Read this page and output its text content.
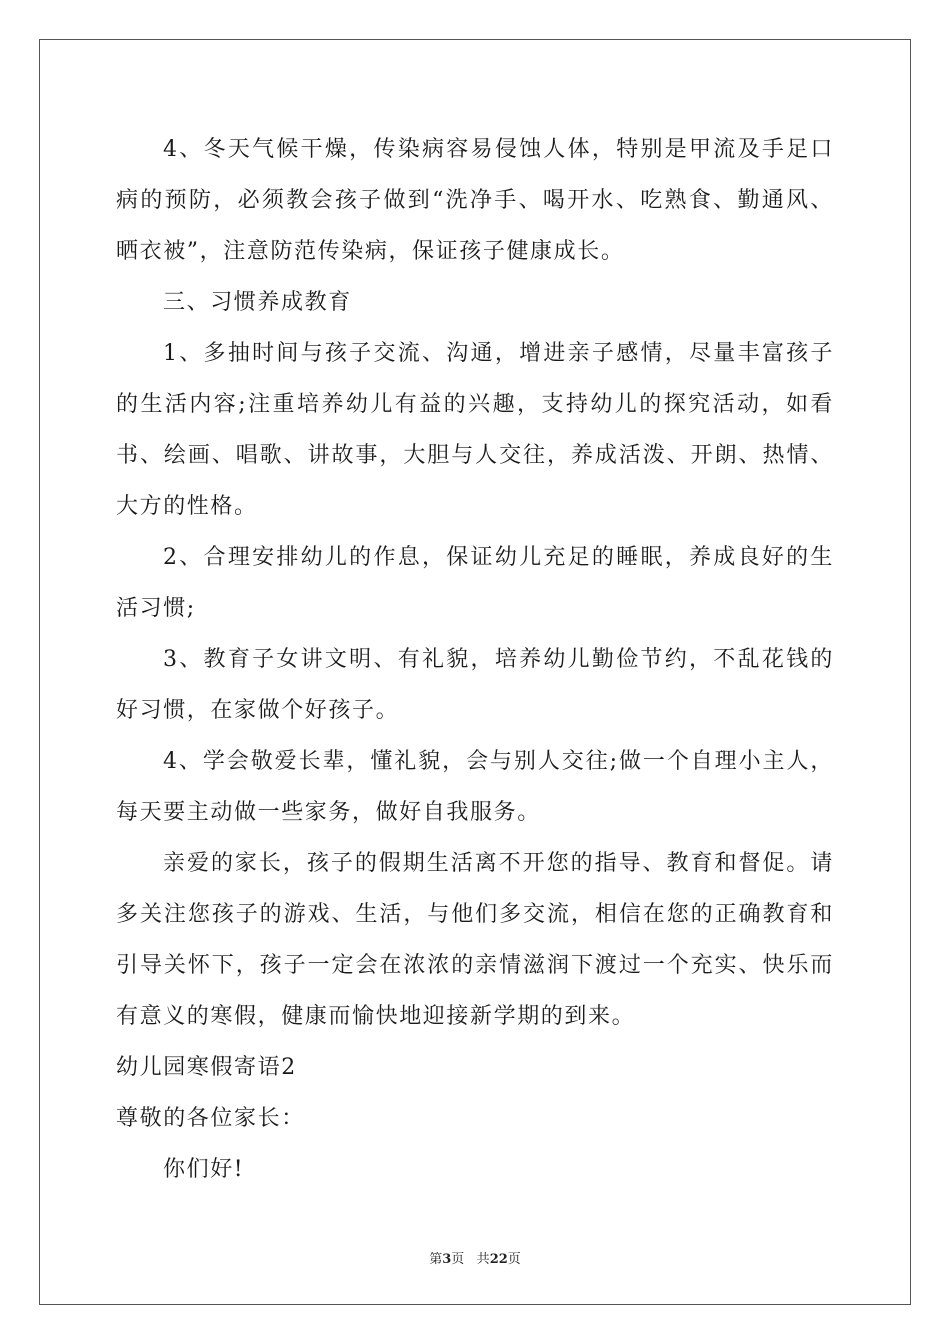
4、冬天气候干燥，传染病容易侵蚀人体，特别是甲流及手足口病的预防，必须教会孩子做到“洗净手、喝开水、吃熟食、勤通风、晒衣被”，注意防范传染病，保证孩子健康成长。

三、习惯养成教育

1、多抽时间与孩子交流、沟通，增进亲子感情，尽量丰富孩子的生活内容;注重培养幼儿有益的兴趣，支持幼儿的探究活动，如看书、绘画、唱歌、讲故事，大胆与人交往，养成活泼、开朗、热情、大方的性格。

2、合理安排幼儿的作息，保证幼儿充足的睡眠，养成良好的生活习惯;

3、教育子女讲文明、有礼貌，培养幼儿勤俭节约，不乱花钱的好习惯，在家做个好孩子。

4、学会敬爱长辈，懂礼貌，会与别人交往;做一个自理小主人，每天要主动做一些家务，做好自我服务。

亲爱的家长，孩子的假期生活离不开您的指导、教育和督促。请多关注您孩子的游戏、生活，与他们多交流，相信在您的正确教育和引导关怀下，孩子一定会在浓浓的亲情滋润下渡过一个充实、快乐而有意义的寒假，健康而愉快地迎接新学期的到来。

幼儿园寒假寄语2

尊敬的各位家长：

你们好!

第3页 共22页
